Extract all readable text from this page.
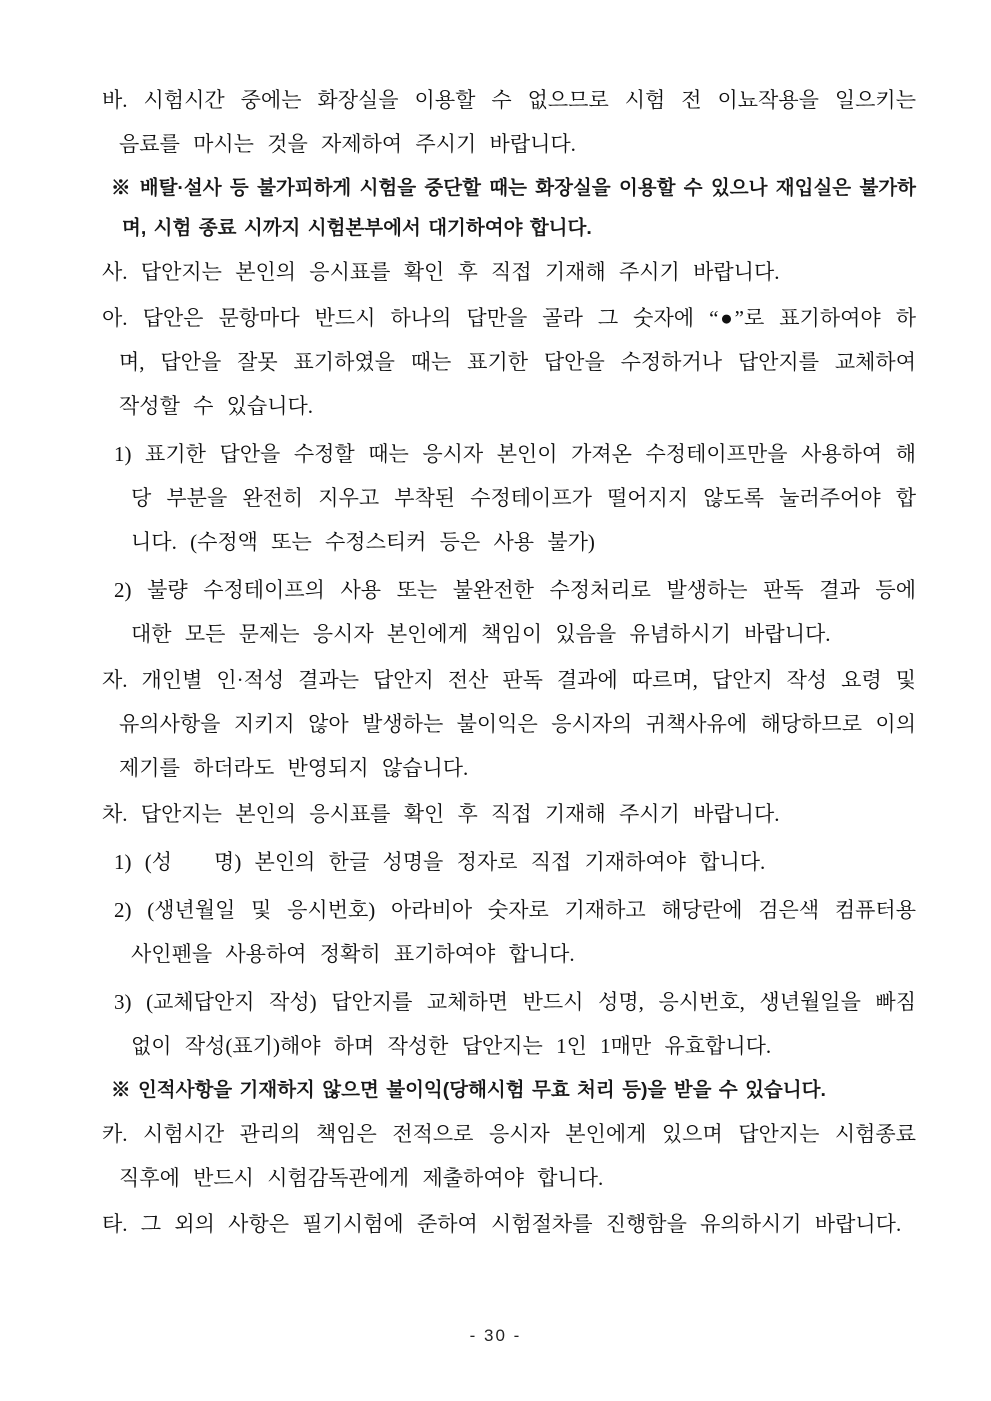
바. 시험시간 중에는 화장실을 이용할 수 없으므로 시험 전 이뇨작용을 일으키는 음료를 마시는 것을 자제하여 주시기 바랍니다.

※ 배탈·설사 등 불가피하게 시험을 중단할 때는 화장실을 이용할 수 있으나 재입실은 불가하며, 시험 종료 시까지 시험본부에서 대기하여야 합니다.

사. 답안지는 본인의 응시표를 확인 후 직접 기재해 주시기 바랍니다.

아. 답안은 문항마다 반드시 하나의 답만을 골라 그 숫자에 “●”로 표기하여야 하며, 답안을 잘못 표기하였을 때는 표기한 답안을 수정하거나 답안지를 교체하여 작성할 수 있습니다.

1) 표기한 답안을 수정할 때는 응시자 본인이 가져온 수정테이프만을 사용하여 해당 부분을 완전히 지우고 부착된 수정테이프가 떨어지지 않도록 눌러주어야 합니다. (수정액 또는 수정스티커 등은 사용 불가)

2) 불량 수정테이프의 사용 또는 불완전한 수정처리로 발생하는 판독 결과 등에 대한 모든 문제는 응시자 본인에게 책임이 있음을 유념하시기 바랍니다.

자. 개인별 인·적성 결과는 답안지 전산 판독 결과에 따르며, 답안지 작성 요령 및 유의사항을 지키지 않아 발생하는 불이익은 응시자의 귀책사유에 해당하므로 이의제기를 하더라도 반영되지 않습니다.

차. 답안지는 본인의 응시표를 확인 후 직접 기재해 주시기 바랍니다.

1) (성　　명) 본인의 한글 성명을 정자로 직접 기재하여야 합니다.

2) (생년월일 및 응시번호) 아라비아 숫자로 기재하고 해당란에 검은색 컴퓨터용 사인펜을 사용하여 정확히 표기하여야 합니다.

3) (교체답안지 작성) 답안지를 교체하면 반드시 성명, 응시번호, 생년월일을 빠짐없이 작성(표기)해야 하며 작성한 답안지는 1인 1매만 유효합니다.

※ 인적사항을 기재하지 않으면 불이익(당해시험 무효 처리 등)을 받을 수 있습니다.

카. 시험시간 관리의 책임은 전적으로 응시자 본인에게 있으며 답안지는 시험종료 직후에 반드시 시험감독관에게 제출하여야 합니다.

타. 그 외의 사항은 필기시험에 준하여 시험절차를 진행함을 유의하시기 바랍니다.

- 30 -
